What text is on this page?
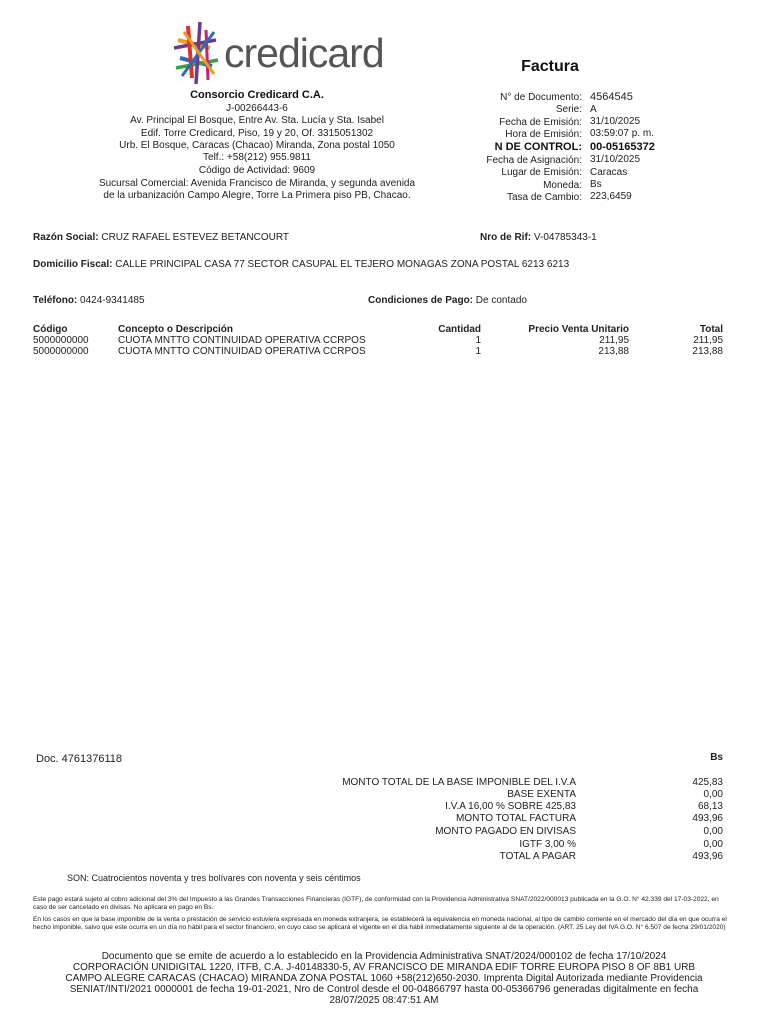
credicard
Consorcio Credicard C.A.
J-00266443-6
Av. Principal El Bosque, Entre Av. Sta. Lucía y Sta. Isabel
Edif. Torre Credicard, Piso, 19 y 20, Of. 3315051302
Urb. El Bosque, Caracas (Chacao) Miranda, Zona postal 1050
Telf.: +58(212) 955.9811
Código de Actividad: 9609
Sucursal Comercial: Avenida Francisco de Miranda, y segunda avenida
de la urbanización Campo Alegre, Torre La Primera piso PB, Chacao.
Factura
N° de Documento: 4564545
Serie: A
Fecha de Emisión: 31/10/2025
Hora de Emisión: 03:59:07 p. m.
N DE CONTROL: 00-05165372
Fecha de Asignación: 31/10/2025
Lugar de Emisión: Caracas
Moneda: Bs
Tasa de Cambio: 223,6459
Razón Social: CRUZ RAFAEL ESTEVEZ BETANCOURT	Nro de Rif: V-04785343-1
Domicilio Fiscal: CALLE PRINCIPAL CASA 77 SECTOR CASUPAL EL TEJERO MONAGAS ZONA POSTAL 6213 6213
Teléfono: 0424-9341485	Condiciones de Pago: De contado
Código	Concepto o Descripción	Cantidad	Precio Venta Unitario	Total
5000000000	CUOTA MNTTO CONTINUIDAD OPERATIVA CCRPOS	1	211,95	211,95
5000000000	CUOTA MNTTO CONTINUIDAD OPERATIVA CCRPOS	1	213,88	213,88
Doc. 4761376118	Bs
MONTO TOTAL DE LA BASE IMPONIBLE DEL I.V.A	425,83
BASE EXENTA	0,00
I.V.A 16,00 % SOBRE 425,83	68,13
MONTO TOTAL FACTURA	493,96
MONTO PAGADO EN DIVISAS	0,00
IGTF 3,00 %	0,00
TOTAL A PAGAR	493,96
SON: Cuatrocientos noventa y tres bolívares con noventa y seis céntimos
Este pago estará sujeto al cobro adicional del 3% del Impuesto a las Grandes Transacciones Financieras (IGTF), de conformidad con la Providencia Administrativa SNAT/2022/000013 publicada en la G.O. N° 42.339 del 17-03-2022, en caso de ser cancelado en divisas. No aplicara en pago en Bs.
En los casos en que la base imponible de la venta o prestación de servicio estuviera expresada en moneda extranjera, se establecerá la equivalencia en moneda nacional, al tipo de cambio corriente en el mercado del día en que ocurra el hecho imponible, salvo que este ocurra en un día no hábil para el sector financiero, en cuyo caso se aplicará el vigente en el día hábil inmediatamente siguiente al de la operación. (ART. 25 Ley del IVA G.O. N° 6.507 de fecha 29/01/2020)
Documento que se emite de acuerdo a lo establecido en la Providencia Administrativa SNAT/2024/000102 de fecha 17/10/2024
CORPORACIÓN UNIDIGITAL 1220, ITFB, C.A. J-40148330-5, AV FRANCISCO DE MIRANDA EDIF TORRE EUROPA PISO 8 OF 8B1 URB
CAMPO ALEGRE CARACAS (CHACAO) MIRANDA ZONA POSTAL 1060 +58(212)650-2030. Imprenta Digital Autorizada mediante Providencia
SENIAT/INTI/2021 0000001 de fecha 19-01-2021, Nro de Control desde el 00-04866797 hasta 00-05366796 generadas digitalmente en fecha
28/07/2025 08:47:51 AM
